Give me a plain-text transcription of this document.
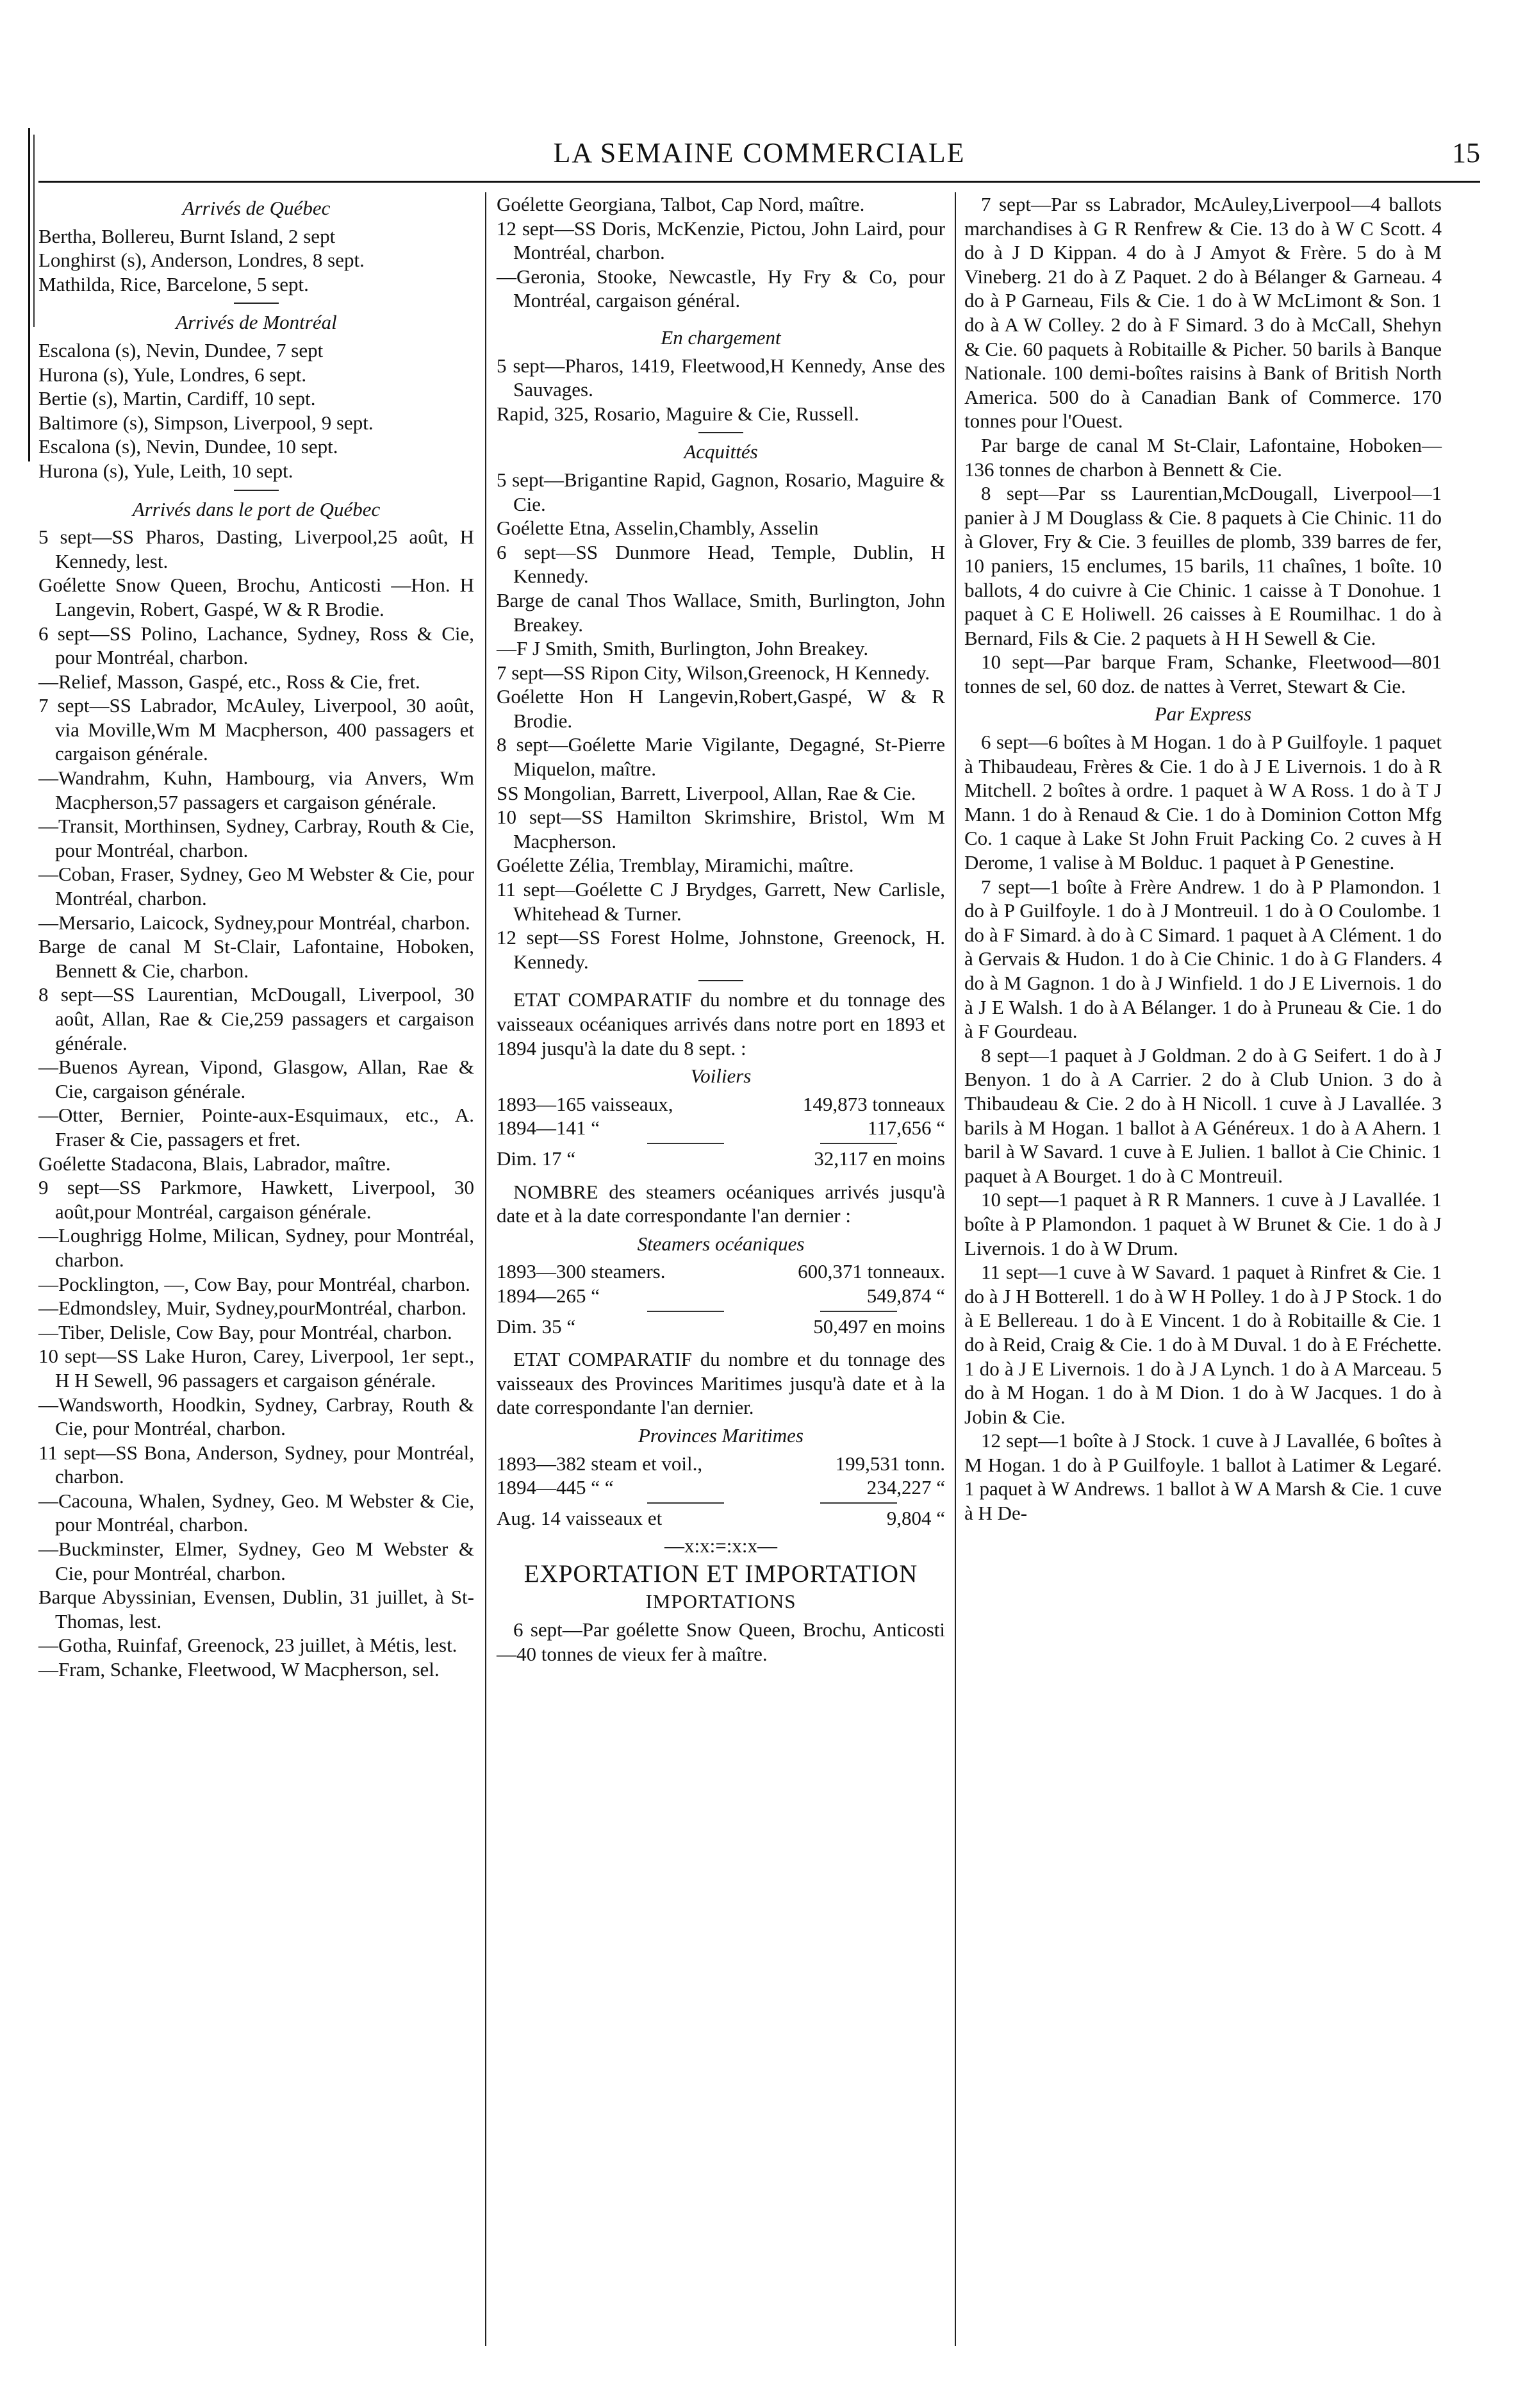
LA SEMAINE COMMERCIALE	15
Arrivés de Québec
Bertha, Bollereu, Burnt Island, 2 sept
Longhirst (s), Anderson, Londres, 8 sept.
Mathilda, Rice, Barcelone, 5 sept.
Arrivés de Montréal
Escalona (s), Nevin, Dundee, 7 sept
Hurona (s), Yule, Londres, 6 sept.
Bertie (s), Martin, Cardiff, 10 sept.
Baltimore (s), Simpson, Liverpool, 9 sept.
Escalona (s), Nevin, Dundee, 10 sept.
Hurona (s), Yule, Leith, 10 sept.
Arrivés dans le port de Québec
5 sept—SS Pharos, Dasting, Liverpool,25 août, H Kennedy, lest.
Goélette Snow Queen, Brochu, Anticosti —Hon. H Langevin, Robert, Gaspé, W & R Brodie.
6 sept—SS Polino, Lachance, Sydney, Ross & Cie, pour Montréal, charbon.
—Relief, Masson, Gaspé, etc., Ross & Cie, fret.
7 sept—SS Labrador, McAuley, Liverpool, 30 août, via Moville,Wm M Macpherson, 400 passagers et cargaison générale.
—Wandrahm, Kuhn, Hambourg, via Anvers, Wm Macpherson,57 passagers et cargaison générale.
—Transit, Morthinsen, Sydney, Carbray, Routh & Cie, pour Montréal, charbon.
—Coban, Fraser, Sydney, Geo M Webster & Cie, pour Montréal, charbon.
—Mersario, Laicock, Sydney,pour Montréal, charbon.
Barge de canal M St-Clair, Lafontaine, Hoboken, Bennett & Cie, charbon.
8 sept—SS Laurentian, McDougall, Liverpool, 30 août, Allan, Rae & Cie,259 passagers et cargaison générale.
—Buenos Ayrean, Vipond, Glasgow, Allan, Rae & Cie, cargaison générale.
—Otter, Bernier, Pointe-aux-Esquimaux, etc., A. Fraser & Cie, passagers et fret.
Goélette Stadacona, Blais, Labrador, maître.
9 sept—SS Parkmore, Hawkett, Liverpool, 30 août,pour Montréal, cargaison générale.
—Loughrigg Holme, Milican, Sydney, pour Montréal, charbon.
—Pocklington, —, Cow Bay, pour Montréal, charbon.
—Edmondsley, Muir, Sydney,pourMontréal, charbon.
—Tiber, Delisle, Cow Bay, pour Montréal, charbon.
10 sept—SS Lake Huron, Carey, Liverpool, 1er sept., H H Sewell, 96 passagers et cargaison générale.
—Wandsworth, Hoodkin, Sydney, Carbray, Routh & Cie, pour Montréal, charbon.
11 sept—SS Bona, Anderson, Sydney, pour Montréal, charbon.
—Cacouna, Whalen, Sydney, Geo. M Webster & Cie, pour Montréal, charbon.
—Buckminster, Elmer, Sydney, Geo M Webster & Cie, pour Montréal, charbon.
Barque Abyssinian, Evensen, Dublin, 31 juillet, à St-Thomas, lest.
—Gotha, Ruinfaf, Greenock, 23 juillet, à Métis, lest.
—Fram, Schanke, Fleetwood, W Macpherson, sel.
Goélette Georgiana, Talbot, Cap Nord, maître.
12 sept—SS Doris, McKenzie, Pictou, John Laird, pour Montréal, charbon.
—Geronia, Stooke, Newcastle, Hy Fry & Co, pour Montréal, cargaison général.
En chargement
5 sept—Pharos, 1419, Fleetwood,H Kennedy, Anse des Sauvages.
Rapid, 325, Rosario, Maguire & Cie, Russell.
Acquittés
5 sept—Brigantine Rapid, Gagnon, Rosario, Maguire & Cie.
Goélette Etna, Asselin,Chambly, Asselin
6 sept—SS Dunmore Head, Temple, Dublin, H Kennedy.
Barge de canal Thos Wallace, Smith, Burlington, John Breakey.
—F J Smith, Smith, Burlington, John Breakey.
7 sept—SS Ripon City, Wilson,Greenock, H Kennedy.
Goélette Hon H Langevin,Robert,Gaspé, W & R Brodie.
8 sept—Goélette Marie Vigilante, Degagné, St-Pierre Miquelon, maître.
SS Mongolian, Barrett, Liverpool, Allan, Rae & Cie.
10 sept—SS Hamilton Skrimshire, Bristol, Wm M Macpherson.
Goélette Zélia, Tremblay, Miramichi, maître.
11 sept—Goélette C J Brydges, Garrett, New Carlisle, Whitehead & Turner.
12 sept—SS Forest Holme, Johnstone, Greenock, H. Kennedy.
ETAT COMPARATIF du nombre et du tonnage des vaisseaux océaniques arrivés dans notre port en 1893 et 1894 jusqu'à la date du 8 sept. :
Voiliers
1893—165 vaisseaux,	149,873 tonneaux
1894—141 “	117,656 “
Dim. 17 “	32,117 en moins
NOMBRE des steamers océaniques arrivés jusqu'à date et à la date correspondante l'an dernier :
Steamers océaniques
1893—300 steamers.	600,371 tonneaux.
1894—265 “	549,874 “
Dim. 35 “	50,497 en moins
ETAT COMPARATIF du nombre et du tonnage des vaisseaux des Provinces Maritimes jusqu'à date et à la date correspondante l'an dernier.
Provinces Maritimes
1893—382 steam et voil.,	199,531 tonn.
1894—445 “ “	234,227 “
Aug. 14 vaisseaux et	9,804 “
—x:x:=:x:x—
EXPORTATION ET IMPORTATION
IMPORTATIONS
6 sept—Par goélette Snow Queen, Brochu, Anticosti—40 tonnes de vieux fer à maître.
7 sept—Par ss Labrador, McAuley,Liverpool—4 ballots marchandises à G R Renfrew & Cie. 13 do à W C Scott. 4 do à J D Kippan. 4 do à J Amyot & Frère. 5 do à M Vineberg. 21 do à Z Paquet. 2 do à Bélanger & Garneau. 4 do à P Garneau, Fils & Cie. 1 do à W McLimont & Son. 1 do à A W Colley. 2 do à F Simard. 3 do à McCall, Shehyn & Cie. 60 paquets à Robitaille & Picher. 50 barils à Banque Nationale. 100 demi-boîtes raisins à Bank of British North America. 500 do à Canadian Bank of Commerce. 170 tonnes pour l'Ouest.
Par barge de canal M St-Clair, Lafontaine, Hoboken—136 tonnes de charbon à Bennett & Cie.
8 sept—Par ss Laurentian,McDougall, Liverpool—1 panier à J M Douglass & Cie. 8 paquets à Cie Chinic. 11 do à Glover, Fry & Cie. 3 feuilles de plomb, 339 barres de fer, 10 paniers, 15 enclumes, 15 barils, 11 chaînes, 1 boîte. 10 ballots, 4 do cuivre à Cie Chinic. 1 caisse à T Donohue. 1 paquet à C E Holiwell. 26 caisses à E Roumilhac. 1 do à Bernard, Fils & Cie. 2 paquets à H H Sewell & Cie.
10 sept—Par barque Fram, Schanke, Fleetwood—801 tonnes de sel, 60 doz. de nattes à Verret, Stewart & Cie.
Par Express
6 sept—6 boîtes à M Hogan. 1 do à P Guilfoyle. 1 paquet à Thibaudeau, Frères & Cie. 1 do à J E Livernois. 1 do à R Mitchell. 2 boîtes à ordre. 1 paquet à W A Ross. 1 do à T J Mann. 1 do à Renaud & Cie. 1 do à Dominion Cotton Mfg Co. 1 caque à Lake St John Fruit Packing Co. 2 cuves à H Derome, 1 valise à M Bolduc. 1 paquet à P Genestine.
7 sept—1 boîte à Frère Andrew. 1 do à P Plamondon. 1 do à P Guilfoyle. 1 do à J Montreuil. 1 do à O Coulombe. 1 do à F Simard. à do à C Simard. 1 paquet à A Clément. 1 do à Gervais & Hudon. 1 do à Cie Chinic. 1 do à G Flanders. 4 do à M Gagnon. 1 do à J Winfield. 1 do J E Livernois. 1 do à J E Walsh. 1 do à A Bélanger. 1 do à Pruneau & Cie. 1 do à F Gourdeau.
8 sept—1 paquet à J Goldman. 2 do à G Seifert. 1 do à J Benyon. 1 do à A Carrier. 2 do à Club Union. 3 do à Thibaudeau & Cie. 2 do à H Nicoll. 1 cuve à J Lavallée. 3 barils à M Hogan. 1 ballot à A Généreux. 1 do à A Ahern. 1 baril à W Savard. 1 cuve à E Julien. 1 ballot à Cie Chinic. 1 paquet à A Bourget. 1 do à C Montreuil.
10 sept—1 paquet à R R Manners. 1 cuve à J Lavallée. 1 boîte à P Plamondon. 1 paquet à W Brunet & Cie. 1 do à J Livernois. 1 do à W Drum.
11 sept—1 cuve à W Savard. 1 paquet à Rinfret & Cie. 1 do à J H Botterell. 1 do à W H Polley. 1 do à J P Stock. 1 do à E Bellereau. 1 do à E Vincent. 1 do à Robitaille & Cie. 1 do à Reid, Craig & Cie. 1 do à M Duval. 1 do à E Fréchette. 1 do à J E Livernois. 1 do à J A Lynch. 1 do à A Marceau. 5 do à M Hogan. 1 do à M Dion. 1 do à W Jacques. 1 do à Jobin & Cie.
12 sept—1 boîte à J Stock. 1 cuve à J Lavallée, 6 boîtes à M Hogan. 1 do à P Guilfoyle. 1 ballot à Latimer & Legaré. 1 paquet à W Andrews. 1 ballot à W A Marsh & Cie. 1 cuve à H De-
